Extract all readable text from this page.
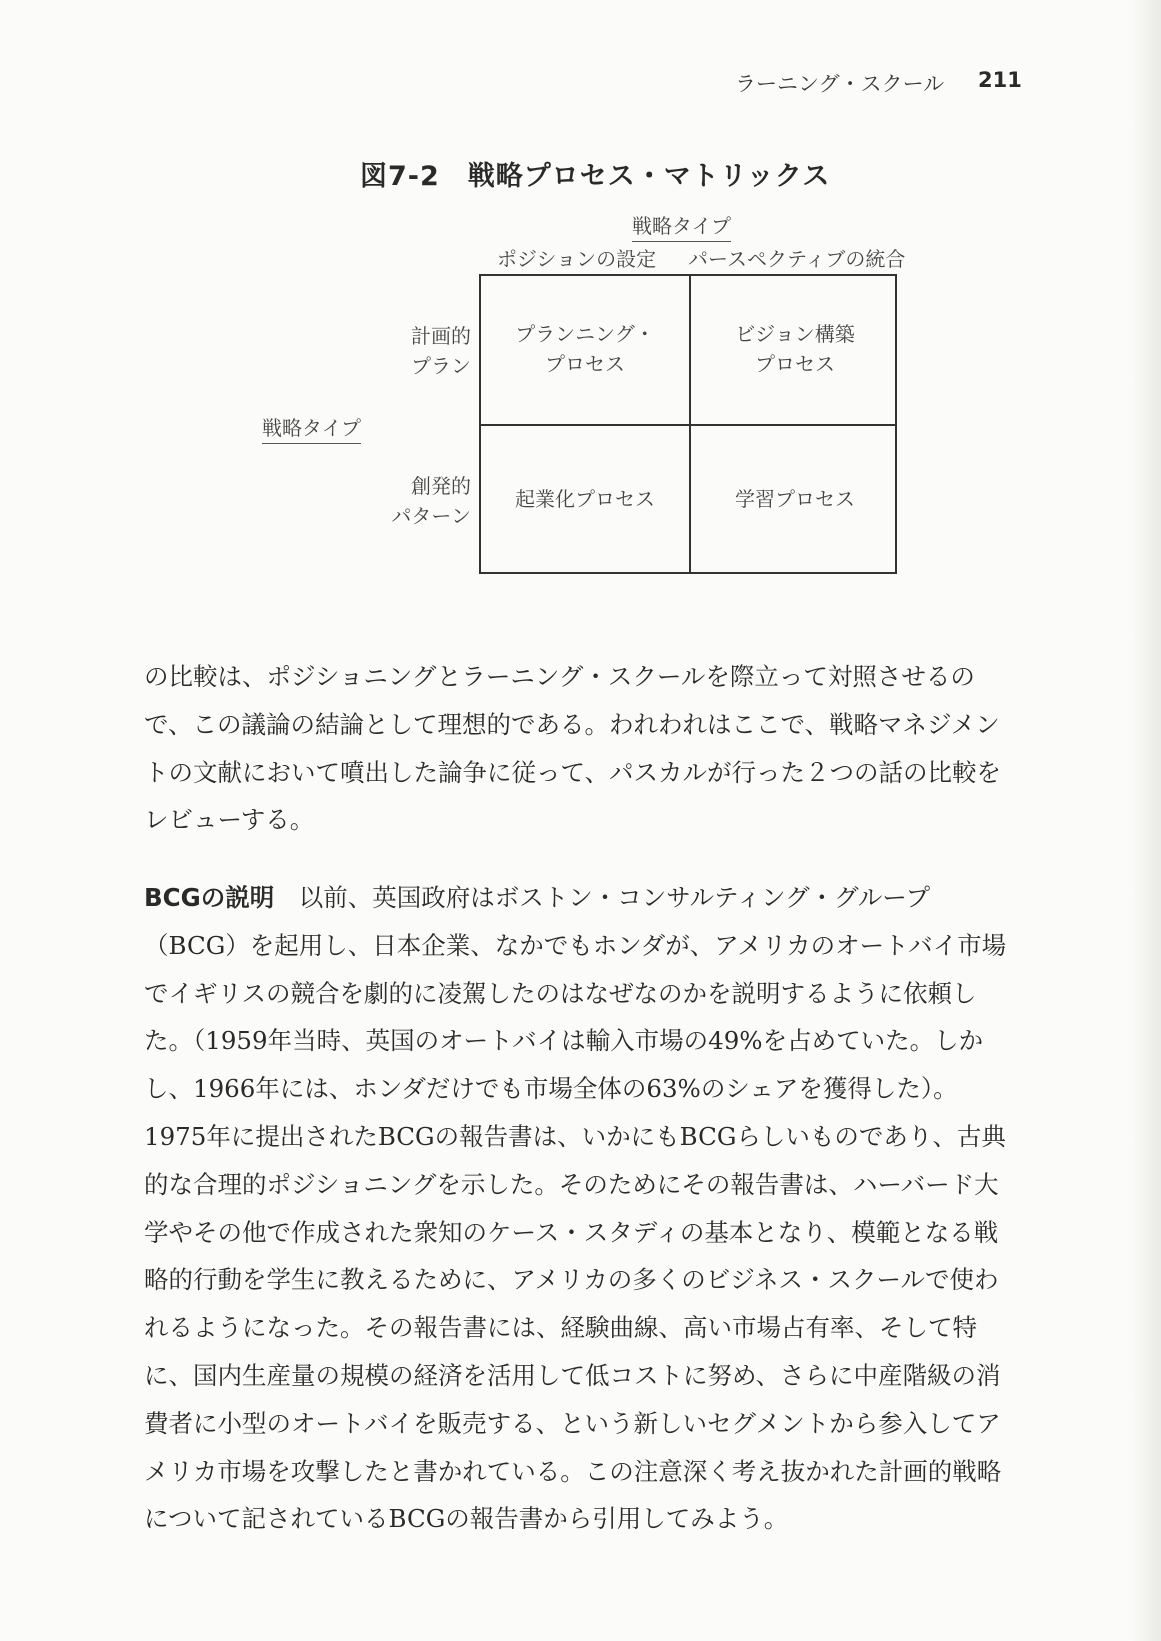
ラーニング・スクール 211
図7-2　戦略プロセス・マトリックス
戦略タイプ
ポジションの設定 パースペクティブの統合
戦略タイプ
計画的
プラン
創発的
パターン
プランニング・
プロセス
ビジョン構築
プロセス
起業化プロセス	学習プロセス

の比較は、ポジショニングとラーニング・スクールを際立って対照させるので、この議論の結論として理想的である。われわれはここで、戦略マネジメントの文献において噴出した論争に従って、パスカルが行った２つの話の比較をレビューする。

BCGの説明　 以前、英国政府はボストン・コンサルティング・グループ（BCG）を起用し、日本企業、なかでもホンダが、アメリカのオートバイ市場でイギリスの競合を劇的に凌駕したのはなぜなのかを説明するように依頼した。（1959年当時、英国のオートバイは輸入市場の49%を占めていた。しかし、1966年には、ホンダだけでも市場全体の63%のシェアを獲得した）。1975年に提出されたBCGの報告書は、いかにもBCGらしいものであり、古典的な合理的ポジショニングを示した。そのためにその報告書は、ハーバード大学やその他で作成された衆知のケース・スタディの基本となり、模範となる戦略的行動を学生に教えるために、アメリカの多くのビジネス・スクールで使われるようになった。その報告書には、経験曲線、高い市場占有率、そして特に、国内生産量の規模の経済を活用して低コストに努め、さらに中産階級の消費者に小型のオートバイを販売する、という新しいセグメントから参入してアメリカ市場を攻撃したと書かれている。この注意深く考え抜かれた計画的戦略について記されているBCGの報告書から引用してみよう。
